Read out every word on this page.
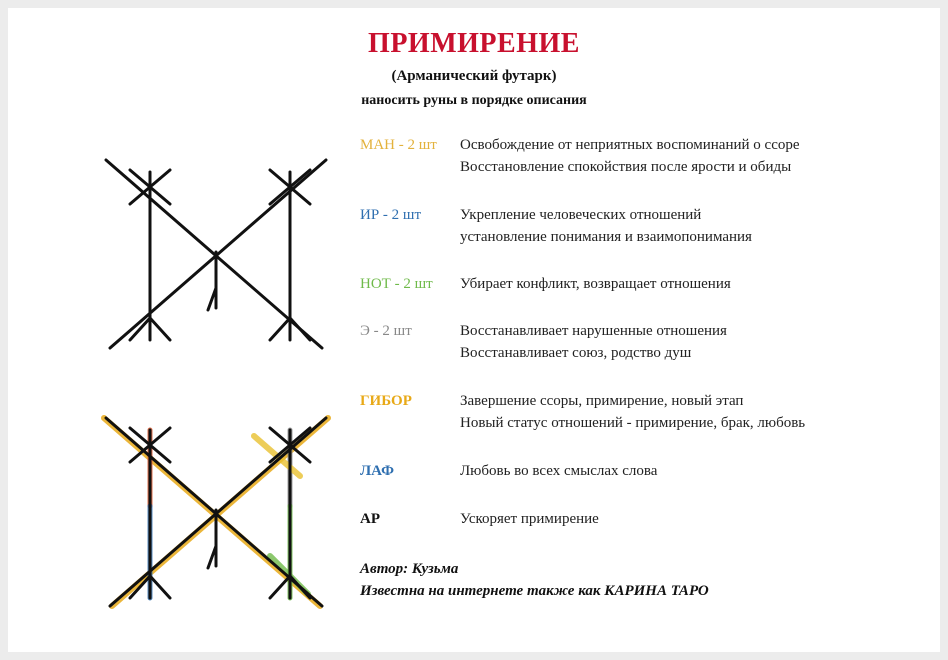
ПРИМИРЕНИЕ
(Арманический футарк)
наносить руны в порядке описания
МАН - 2 шт	Освобождение от неприятных воспоминаний о ссоре
Восстановление спокойствия после ярости и обиды
ИР - 2 шт	Укрепление человеческих отношений
установление понимания и взаимопонимания
НОТ - 2 шт	Убирает конфликт, возвращает отношения
Э - 2 шт	Восстанавливает нарушенные отношения
Восстанавливает союз, родство душ
ГИБОР	Завершение ссоры, примирение, новый этап
Новый статус отношений - примирение, брак, любовь
ЛАФ	Любовь во всех смыслах слова
АР	Ускоряет примирение
Автор: Кузьма
Известна на интернете также как КАРИНА ТАРО
